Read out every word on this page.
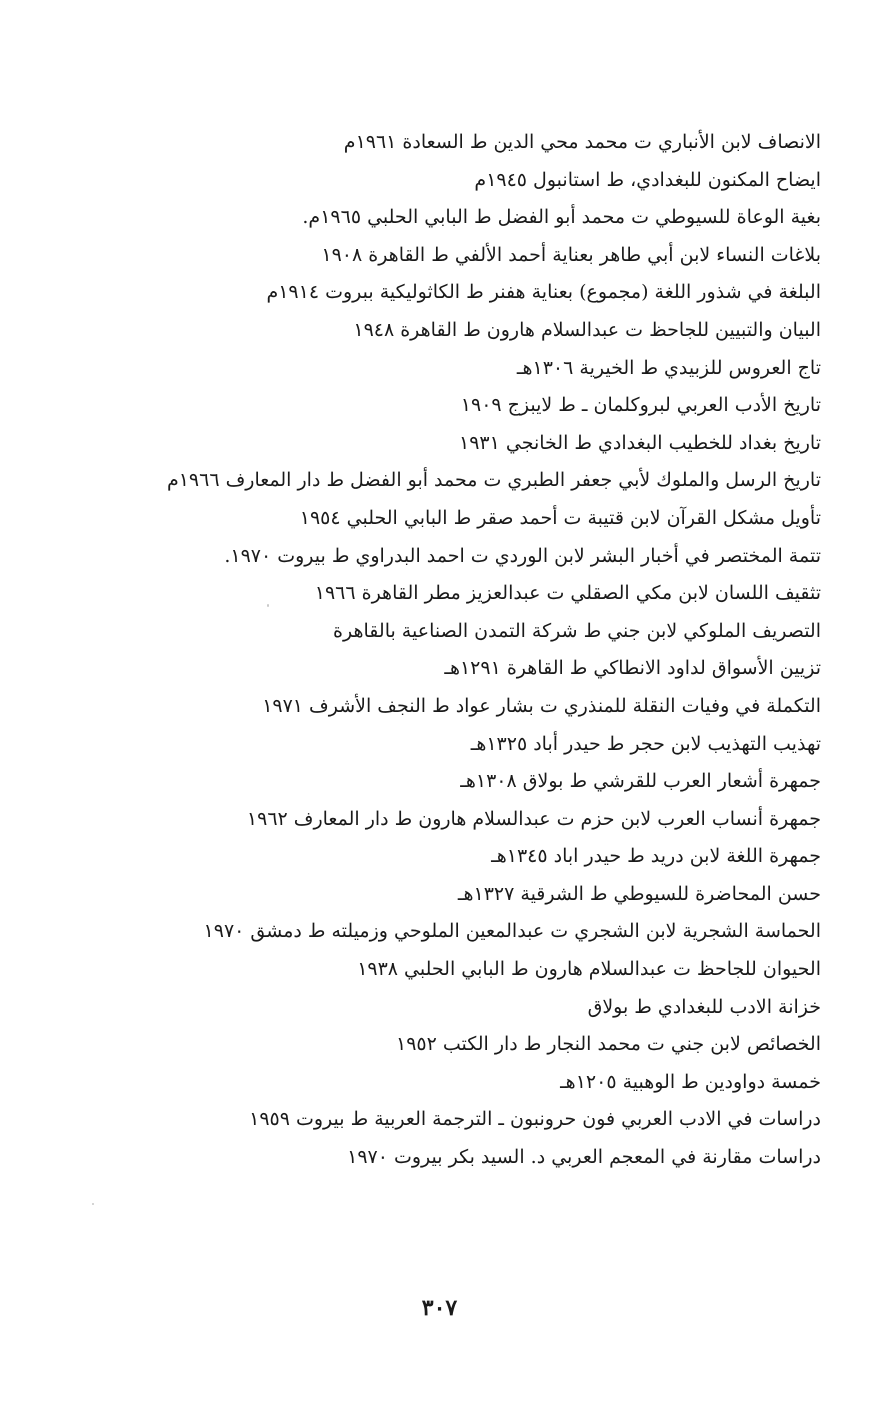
الانصاف لابن الأنباري ت محمد محي الدين ط السعادة ١٩٦١م
ايضاح المكنون للبغدادي، ط استانبول ١٩٤٥م
بغية الوعاة للسيوطي ت محمد أبو الفضل ط البابي الحلبي ١٩٦٥م.
بلاغات النساء لابن أبي طاهر بعناية أحمد الألفي ط القاهرة ١٩٠٨
البلغة في شذور اللغة (مجموع) بعناية هفنر ط الكاثوليكية ببروت ١٩١٤م
البيان والتبيين للجاحظ ت عبدالسلام هارون ط القاهرة ١٩٤٨
تاج العروس للزبيدي ط الخيرية ١٣٠٦هـ
تاريخ الأدب العربي لبروكلمان ـ ط لايبزج ١٩٠٩
تاريخ بغداد للخطيب البغدادي ط الخانجي ١٩٣١
تاريخ الرسل والملوك لأبي جعفر الطبري ت محمد أبو الفضل ط دار المعارف ١٩٦٦م
تأويل مشكل القرآن لابن قتيبة ت أحمد صقر ط البابي الحلبي ١٩٥٤
تتمة المختصر في أخبار البشر لابن الوردي ت احمد البدراوي ط بيروت ١٩٧٠.
تثقيف اللسان لابن مكي الصقلي ت عبدالعزيز مطر القاهرة ١٩٦٦
التصريف الملوكي لابن جني ط شركة التمدن الصناعية بالقاهرة
تزيين الأسواق لداود الانطاكي ط القاهرة ١٢٩١هـ
التكملة في وفيات النقلة للمنذري ت بشار عواد ط النجف الأشرف ١٩٧١
تهذيب التهذيب لابن حجر ط حيدر أباد ١٣٢٥هـ
جمهرة أشعار العرب للقرشي ط بولاق ١٣٠٨هـ
جمهرة أنساب العرب لابن حزم ت عبدالسلام هارون ط دار المعارف ١٩٦٢
جمهرة اللغة لابن دريد ط حيدر اباد ١٣٤٥هـ
حسن المحاضرة للسيوطي ط الشرقية ١٣٢٧هـ
الحماسة الشجرية لابن الشجري ت عبدالمعين الملوحي وزميلته ط دمشق ١٩٧٠
الحيوان للجاحظ ت عبدالسلام هارون ط البابي الحلبي ١٩٣٨
خزانة الادب للبغدادي ط بولاق
الخصائص لابن جني ت محمد النجار ط دار الكتب ١٩٥٢
خمسة دواودين ط الوهبية ١٢٠٥هـ
دراسات في الادب العربي فون حرونبون ـ الترجمة العربية ط بيروت ١٩٥٩
دراسات مقارنة في المعجم العربي د. السيد بكر بيروت ١٩٧٠
٣٠٧
